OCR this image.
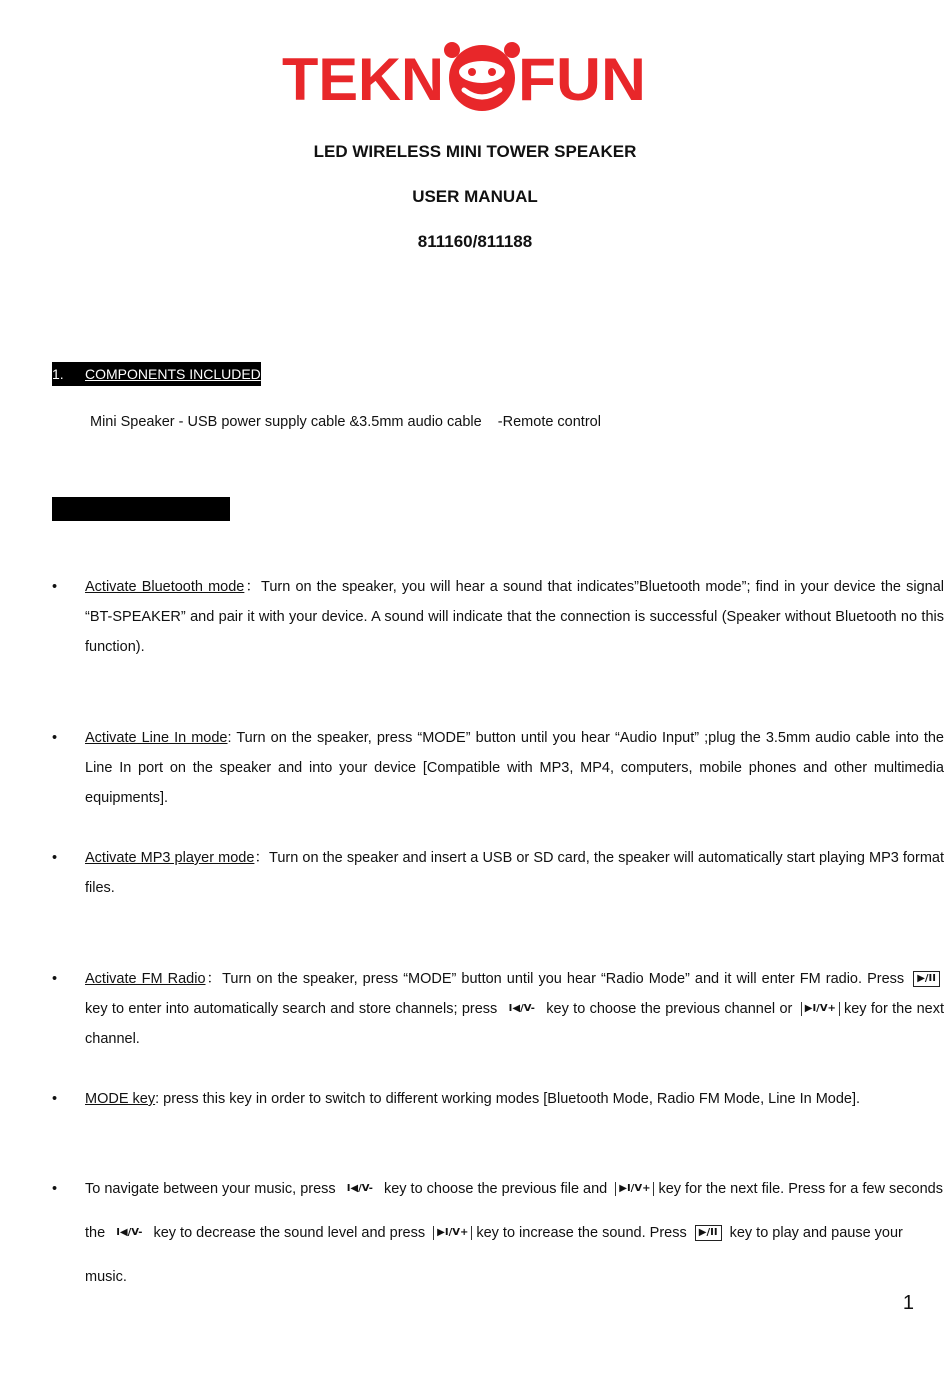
TEKN FUN
LED WIRELESS MINI TOWER SPEAKER
USER MANUAL
811160/811188
1. COMPONENTS INCLUDED
Mini Speaker - USB power supply cable &3.5mm audio cable    -Remote control

2. OPERATION   GUIDE

• Activate Bluetooth mode：Turn on the speaker, you will hear a sound that indicates”Bluetooth mode”; find in your device the signal “BT-SPEAKER” and pair it with your device. A sound will indicate that the connection is successful (Speaker without Bluetooth no this function).
• Activate Line In mode: Turn on the speaker, press “MODE” button until you hear “Audio Input” ;plug the 3.5mm audio cable into the Line In port on the speaker and into your device [Compatible with MP3, MP4, computers, mobile phones and other multimedia equipments].
• Activate MP3 player mode：Turn on the speaker and insert a USB or SD card, the speaker will automatically start playing MP3 format files.
• Activate FM Radio：Turn on the speaker, press “MODE” button until you hear “Radio Mode” and it will enter FM radio. Press ▶/II key to enter into automatically search and store channels; press I◀/V- key to choose the previous channel or ▶I/V+ key for the next channel.
• MODE key: press this key in order to switch to different working modes [Bluetooth Mode, Radio FM Mode, Line In Mode].
• To navigate between your music, press I◀/V- key to choose the previous file and ▶I/V+ key for the next file. Press for a few seconds the I◀/V- key to decrease the sound level and press ▶I/V+ key to increase the sound. Press ▶/II key to play and pause your music.
1
